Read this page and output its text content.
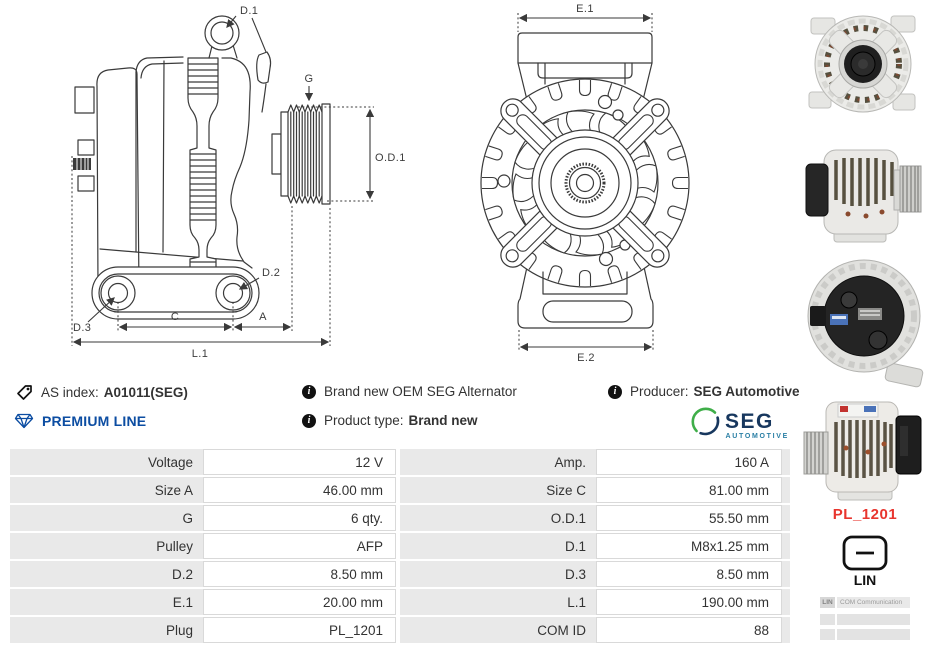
D.1
G
O.D.1
D.2
D.3
C	A
L.1
E.1
E.2
AS index: A01011(SEG)	i	Brand new OEM SEG Alternator	i	Producer: SEG Automotive
PREMIUM LINE	i	Product type: Brand new	SEG
AUTOMOTIVE
Voltage	12 V	Amp.	160 A
Size A	46.00 mm	Size C	81.00 mm
G	6 qty.	O.D.1	55.50 mm
Pulley	AFP	D.1	M8x1.25 mm
D.2	8.50 mm	D.3	8.50 mm
E.1	20.00 mm	L.1	190.00 mm
Plug	PL_1201	COM ID	88
PL_1201
LIN
LIN	COM Communication
